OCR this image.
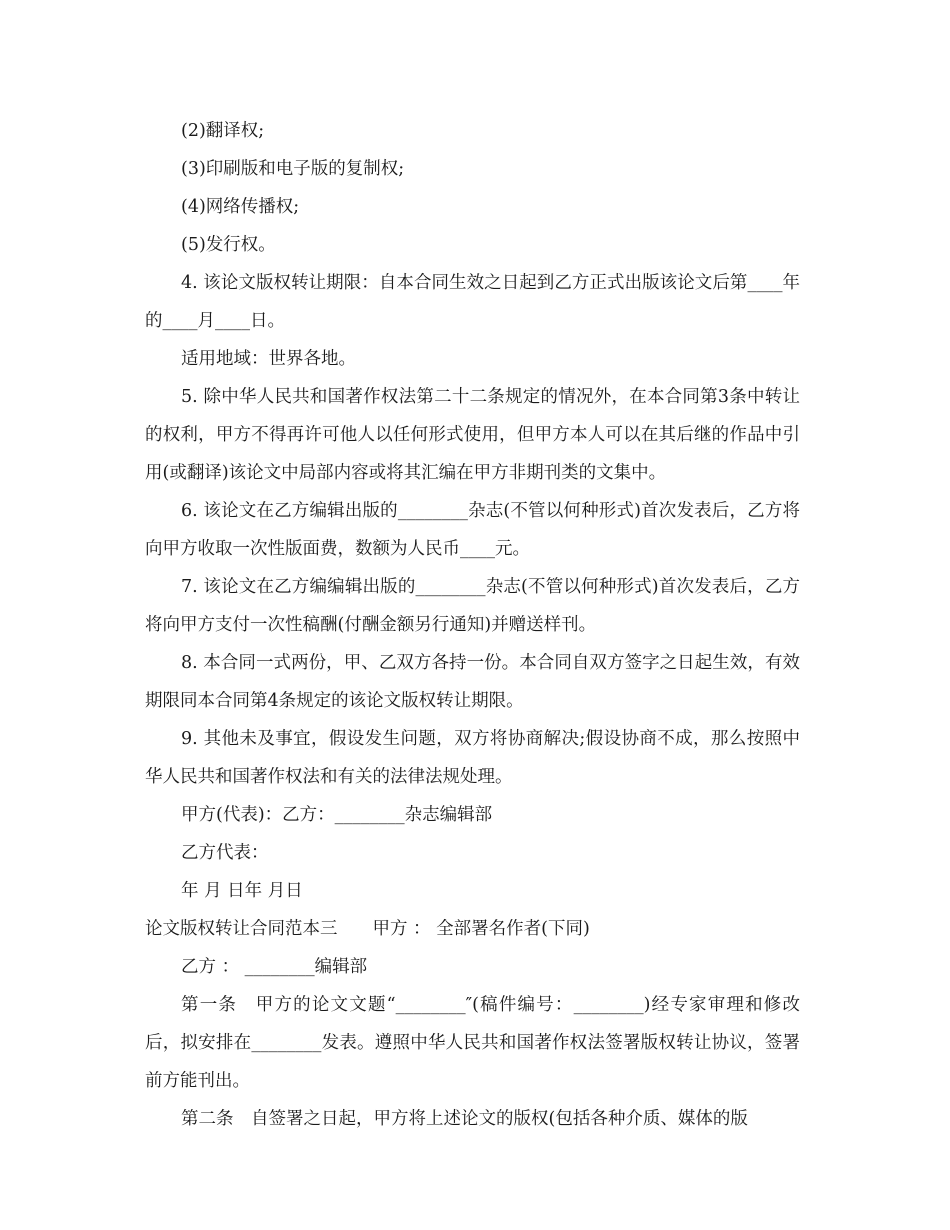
(2)翻译权;

(3)印刷版和电子版的复制权;

(4)网络传播权;

(5)发行权。

4. 该论文版权转让期限：自本合同生效之日起到乙方正式出版该论文后第____年的____月____日。

适用地域：世界各地。

5. 除中华人民共和国著作权法第二十二条规定的情况外，在本合同第3条中转让的权利，甲方不得再许可他人以任何形式使用，但甲方本人可以在其后继的作品中引用(或翻译)该论文中局部内容或将其汇编在甲方非期刊类的文集中。

6. 该论文在乙方编辑出版的________杂志(不管以何种形式)首次发表后，乙方将向甲方收取一次性版面费，数额为人民币____元。

7. 该论文在乙方编编辑出版的________杂志(不管以何种形式)首次发表后，乙方将向甲方支付一次性稿酬(付酬金额另行通知)并赠送样刊。

8. 本合同一式两份，甲、乙双方各持一份。本合同自双方签字之日起生效，有效期限同本合同第4条规定的该论文版权转让期限。

9. 其他未及事宜，假设发生问题，双方将协商解决;假设协商不成，那么按照中华人民共和国著作权法和有关的法律法规处理。

甲方(代表)：乙方：________杂志编辑部

乙方代表：

年 月 日年 月日

论文版权转让合同范本三　　甲方 ： 全部署名作者(下同)

乙方 ： ________编辑部

第一条　甲方的论文文题“________″(稿件编号：________)经专家审理和修改后，拟安排在________发表。遵照中华人民共和国著作权法签署版权转让协议，签署前方能刊出。

第二条　自签署之日起，甲方将上述论文的版权(包括各种介质、媒体的版
